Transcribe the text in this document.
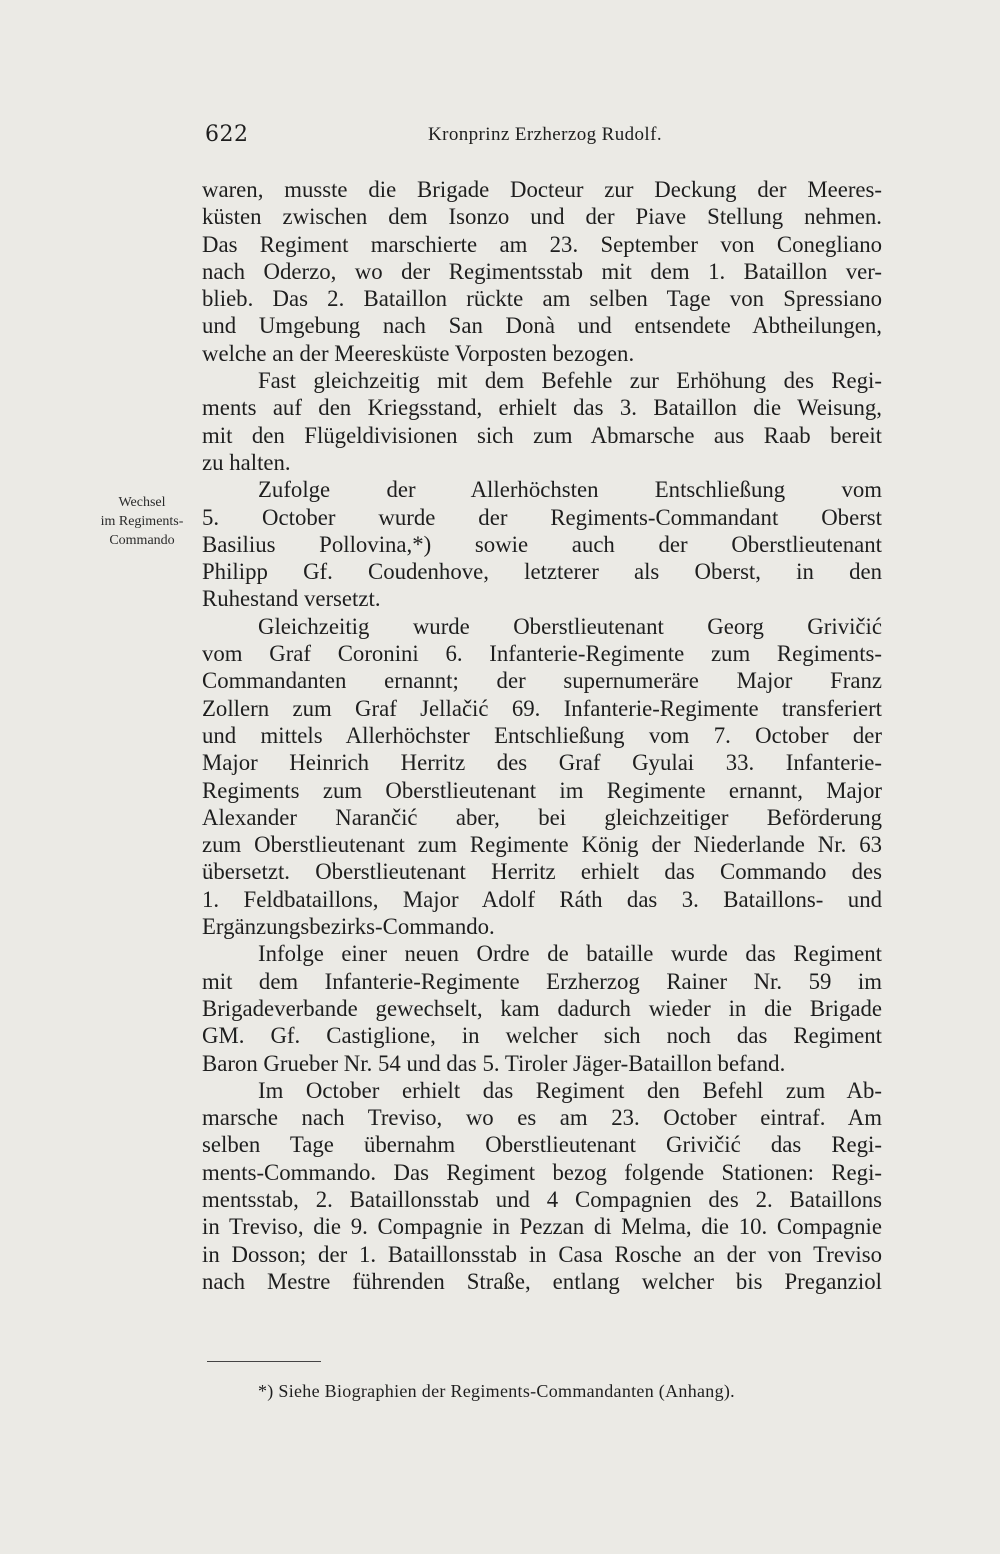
622	Kronprinz Erzherzog Rudolf.
Wechsel
im Regiments-
Commando
waren, musste die Brigade Docteur zur Deckung der Meeres-
küsten zwischen dem Isonzo und der Piave Stellung nehmen.
Das Regiment marschierte am 23. September von Conegliano
nach Oderzo, wo der Regimentsstab mit dem 1. Bataillon ver-
blieb. Das 2. Bataillon rückte am selben Tage von Spressiano
und Umgebung nach San Donà und entsendete Abtheilungen,
welche an der Meeresküste Vorposten bezogen.
Fast gleichzeitig mit dem Befehle zur Erhöhung des Regi-
ments auf den Kriegsstand, erhielt das 3. Bataillon die Weisung,
mit den Flügeldivisionen sich zum Abmarsche aus Raab bereit
zu halten.
Zufolge der Allerhöchsten Entschließung vom
5. October wurde der Regiments-Commandant Oberst
Basilius Pollovina,*) sowie auch der Oberstlieutenant
Philipp Gf. Coudenhove, letzterer als Oberst, in den
Ruhestand versetzt.
Gleichzeitig wurde Oberstlieutenant Georg Grivičić
vom Graf Coronini 6. Infanterie-Regimente zum Regiments-
Commandanten ernannt; der supernumeräre Major Franz
Zollern zum Graf Jellačić 69. Infanterie-Regimente transferiert
und mittels Allerhöchster Entschließung vom 7. October der
Major Heinrich Herritz des Graf Gyulai 33. Infanterie-
Regiments zum Oberstlieutenant im Regimente ernannt, Major
Alexander Narančić aber, bei gleichzeitiger Beförderung
zum Oberstlieutenant zum Regimente König der Niederlande Nr. 63
übersetzt. Oberstlieutenant Herritz erhielt das Commando des
1. Feldbataillons, Major Adolf Ráth das 3. Bataillons- und
Ergänzungsbezirks-Commando.
Infolge einer neuen Ordre de bataille wurde das Regiment
mit dem Infanterie-Regimente Erzherzog Rainer Nr. 59 im
Brigadeverbande gewechselt, kam dadurch wieder in die Brigade
GM. Gf. Castiglione, in welcher sich noch das Regiment
Baron Grueber Nr. 54 und das 5. Tiroler Jäger-Bataillon befand.
Im October erhielt das Regiment den Befehl zum Ab-
marsche nach Treviso, wo es am 23. October eintraf. Am
selben Tage übernahm Oberstlieutenant Grivičić das Regi-
ments-Commando. Das Regiment bezog folgende Stationen: Regi-
mentsstab, 2. Bataillonsstab und 4 Compagnien des 2. Bataillons
in Treviso, die 9. Compagnie in Pezzan di Melma, die 10. Compagnie
in Dosson; der 1. Bataillonsstab in Casa Rosche an der von Treviso
nach Mestre führenden Straße, entlang welcher bis Preganziol
*) Siehe Biographien der Regiments-Commandanten (Anhang).
